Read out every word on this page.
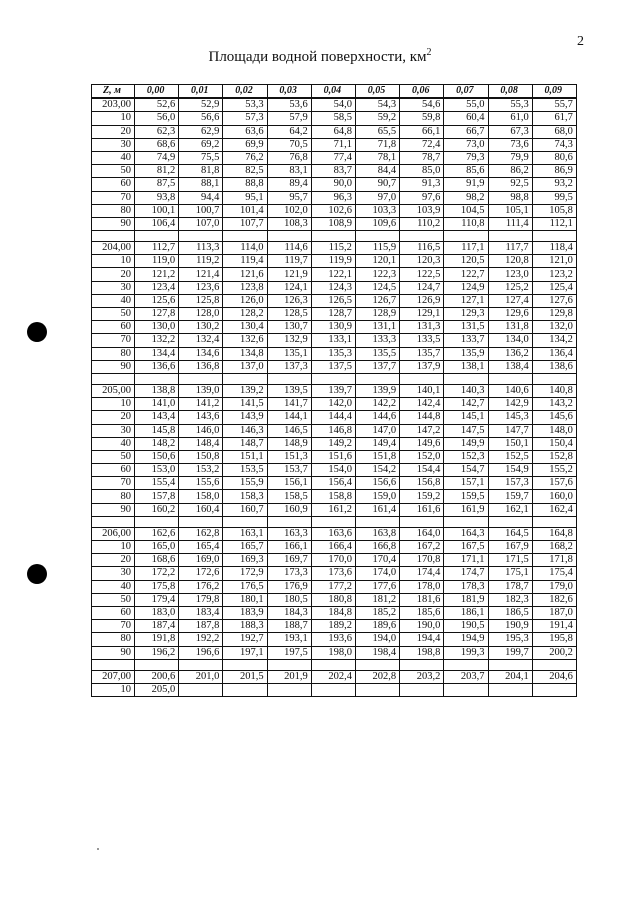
2
Площади водной поверхности, $км^2$
Z, м	0,00	0,01	0,02	0,03	0,04	0,05	0,06	0,07	0,08	0,09
203,00	52,6	52,9	53,3	53,6	54,0	54,3	54,6	55,0	55,3	55,7
10	56,0	56,6	57,3	57,9	58,5	59,2	59,8	60,4	61,0	61,7
20	62,3	62,9	63,6	64,2	64,8	65,5	66,1	66,7	67,3	68,0
30	68,6	69,2	69,9	70,5	71,1	71,8	72,4	73,0	73,6	74,3
40	74,9	75,5	76,2	76,8	77,4	78,1	78,7	79,3	79,9	80,6
50	81,2	81,8	82,5	83,1	83,7	84,4	85,0	85,6	86,2	86,9
60	87,5	88,1	88,8	89,4	90,0	90,7	91,3	91,9	92,5	93,2
70	93,8	94,4	95,1	95,7	96,3	97,0	97,6	98,2	98,8	99,5
80	100,1	100,7	101,4	102,0	102,6	103,3	103,9	104,5	105,1	105,8
90	106,4	107,0	107,7	108,3	108,9	109,6	110,2	110,8	111,4	112,1

204,00	112,7	113,3	114,0	114,6	115,2	115,9	116,5	117,1	117,7	118,4
10	119,0	119,2	119,4	119,7	119,9	120,1	120,3	120,5	120,8	121,0
20	121,2	121,4	121,6	121,9	122,1	122,3	122,5	122,7	123,0	123,2
30	123,4	123,6	123,8	124,1	124,3	124,5	124,7	124,9	125,2	125,4
40	125,6	125,8	126,0	126,3	126,5	126,7	126,9	127,1	127,4	127,6
50	127,8	128,0	128,2	128,5	128,7	128,9	129,1	129,3	129,6	129,8
60	130,0	130,2	130,4	130,7	130,9	131,1	131,3	131,5	131,8	132,0
70	132,2	132,4	132,6	132,9	133,1	133,3	133,5	133,7	134,0	134,2
80	134,4	134,6	134,8	135,1	135,3	135,5	135,7	135,9	136,2	136,4
90	136,6	136,8	137,0	137,3	137,5	137,7	137,9	138,1	138,4	138,6

205,00	138,8	139,0	139,2	139,5	139,7	139,9	140,1	140,3	140,6	140,8
10	141,0	141,2	141,5	141,7	142,0	142,2	142,4	142,7	142,9	143,2
20	143,4	143,6	143,9	144,1	144,4	144,6	144,8	145,1	145,3	145,6
30	145,8	146,0	146,3	146,5	146,8	147,0	147,2	147,5	147,7	148,0
40	148,2	148,4	148,7	148,9	149,2	149,4	149,6	149,9	150,1	150,4
50	150,6	150,8	151,1	151,3	151,6	151,8	152,0	152,3	152,5	152,8
60	153,0	153,2	153,5	153,7	154,0	154,2	154,4	154,7	154,9	155,2
70	155,4	155,6	155,9	156,1	156,4	156,6	156,8	157,1	157,3	157,6
80	157,8	158,0	158,3	158,5	158,8	159,0	159,2	159,5	159,7	160,0
90	160,2	160,4	160,7	160,9	161,2	161,4	161,6	161,9	162,1	162,4

206,00	162,6	162,8	163,1	163,3	163,6	163,8	164,0	164,3	164,5	164,8
10	165,0	165,4	165,7	166,1	166,4	166,8	167,2	167,5	167,9	168,2
20	168,6	169,0	169,3	169,7	170,0	170,4	170,8	171,1	171,5	171,8
30	172,2	172,6	172,9	173,3	173,6	174,0	174,4	174,7	175,1	175,4
40	175,8	176,2	176,5	176,9	177,2	177,6	178,0	178,3	178,7	179,0
50	179,4	179,8	180,1	180,5	180,8	181,2	181,6	181,9	182,3	182,6
60	183,0	183,4	183,9	184,3	184,8	185,2	185,6	186,1	186,5	187,0
70	187,4	187,8	188,3	188,7	189,2	189,6	190,0	190,5	190,9	191,4
80	191,8	192,2	192,7	193,1	193,6	194,0	194,4	194,9	195,3	195,8
90	196,2	196,6	197,1	197,5	198,0	198,4	198,8	199,3	199,7	200,2

207,00	200,6	201,0	201,5	201,9	202,4	202,8	203,2	203,7	204,1	204,6
10	205,0									
